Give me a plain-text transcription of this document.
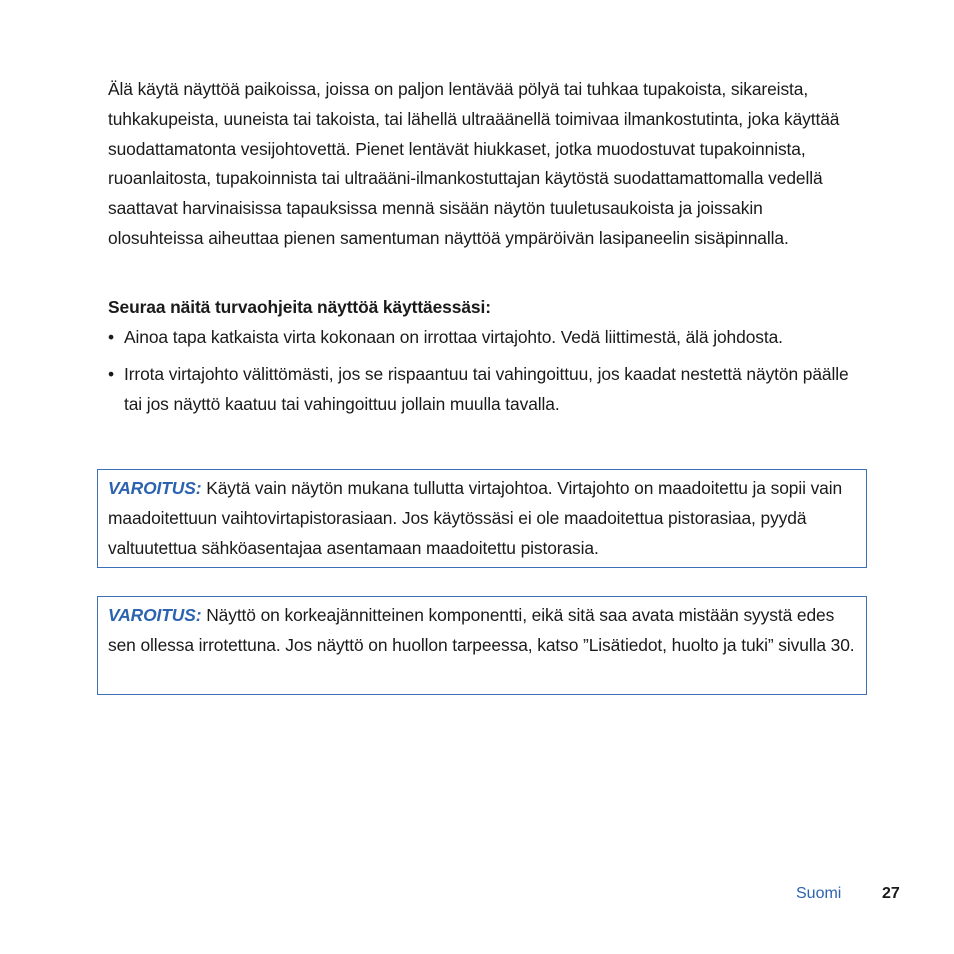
Älä käytä näyttöä paikoissa, joissa on paljon lentävää pölyä tai tuhkaa tupakoista, sikareista, tuhkakupeista, uuneista tai takoista, tai lähellä ultraäänellä toimivaa ilmankostutinta, joka käyttää suodattamatonta vesijohtovettä. Pienet lentävät hiukkaset, jotka muodostuvat tupakoinnista, ruoanlaitosta, tupakoinnista tai ultraääni-ilmankostuttajan käytöstä suodattamattomalla vedellä saattavat harvinaisissa tapauksissa mennä sisään näytön tuuletusaukoista ja joissakin olosuhteissa aiheuttaa pienen samentuman näyttöä ympäröivän lasipaneelin sisäpinnalla.

Seuraa näitä turvaohjeita näyttöä käyttäessäsi:

• Ainoa tapa katkaista virta kokonaan on irrottaa virtajohto. Vedä liittimestä, älä johdosta.
• Irrota virtajohto välittömästi, jos se rispaantuu tai vahingoittuu, jos kaadat nestettä näytön päälle tai jos näyttö kaatuu tai vahingoittuu jollain muulla tavalla.
VAROITUS: Käytä vain näytön mukana tullutta virtajohtoa. Virtajohto on maadoitettu ja sopii vain maadoitettuun vaihtovirtapistorasiaan. Jos käytössäsi ei ole maadoitettua pistorasiaa, pyydä valtuutettua sähköasentajaa asentamaan maadoitettu pistorasia.
VAROITUS: Näyttö on korkeajännitteinen komponentti, eikä sitä saa avata mistään syystä edes sen ollessa irrotettuna. Jos näyttö on huollon tarpeessa, katso ”Lisätiedot, huolto ja tuki” sivulla 30.
Suomi	27
